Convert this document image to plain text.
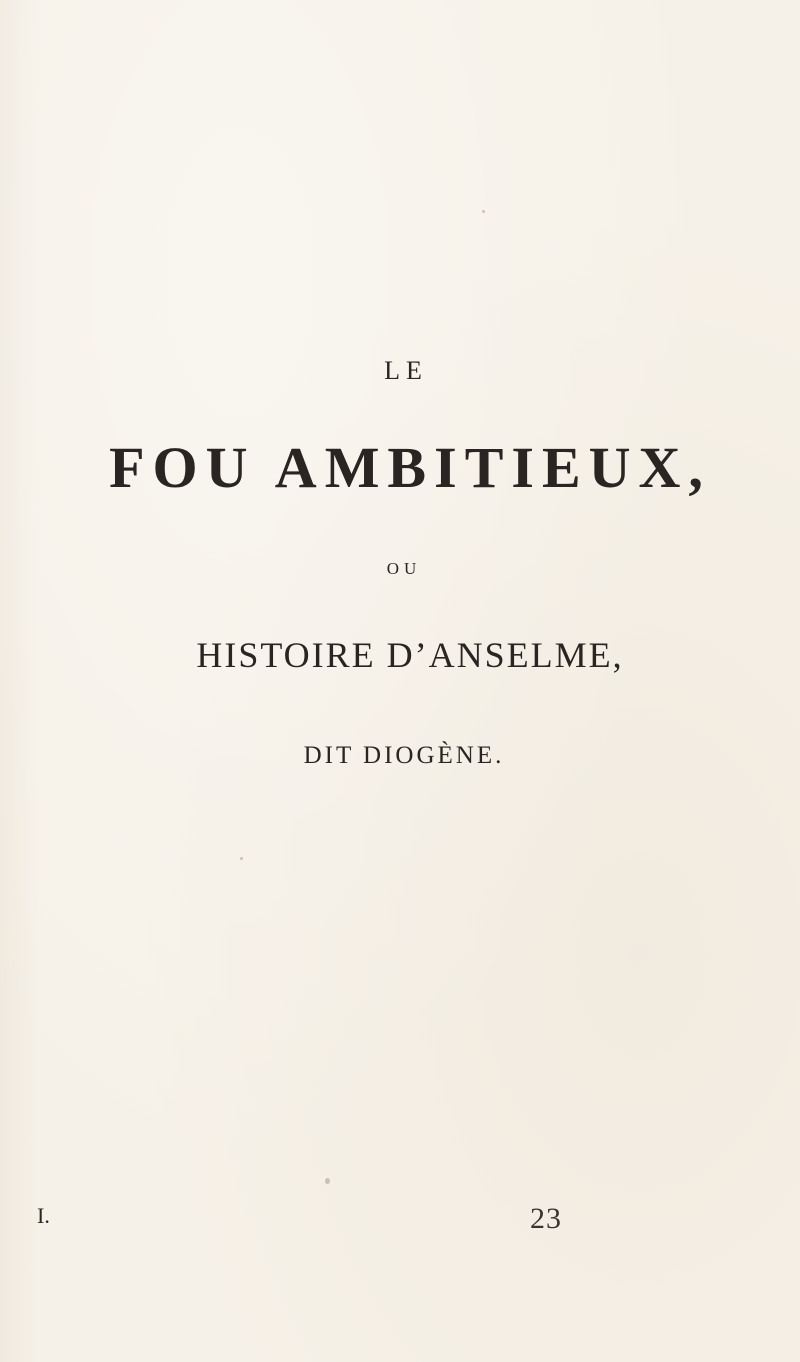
LE
FOU AMBITIEUX,
OU
HISTOIRE D’ANSELME,
DIT DIOGÈNE.
I.	23
